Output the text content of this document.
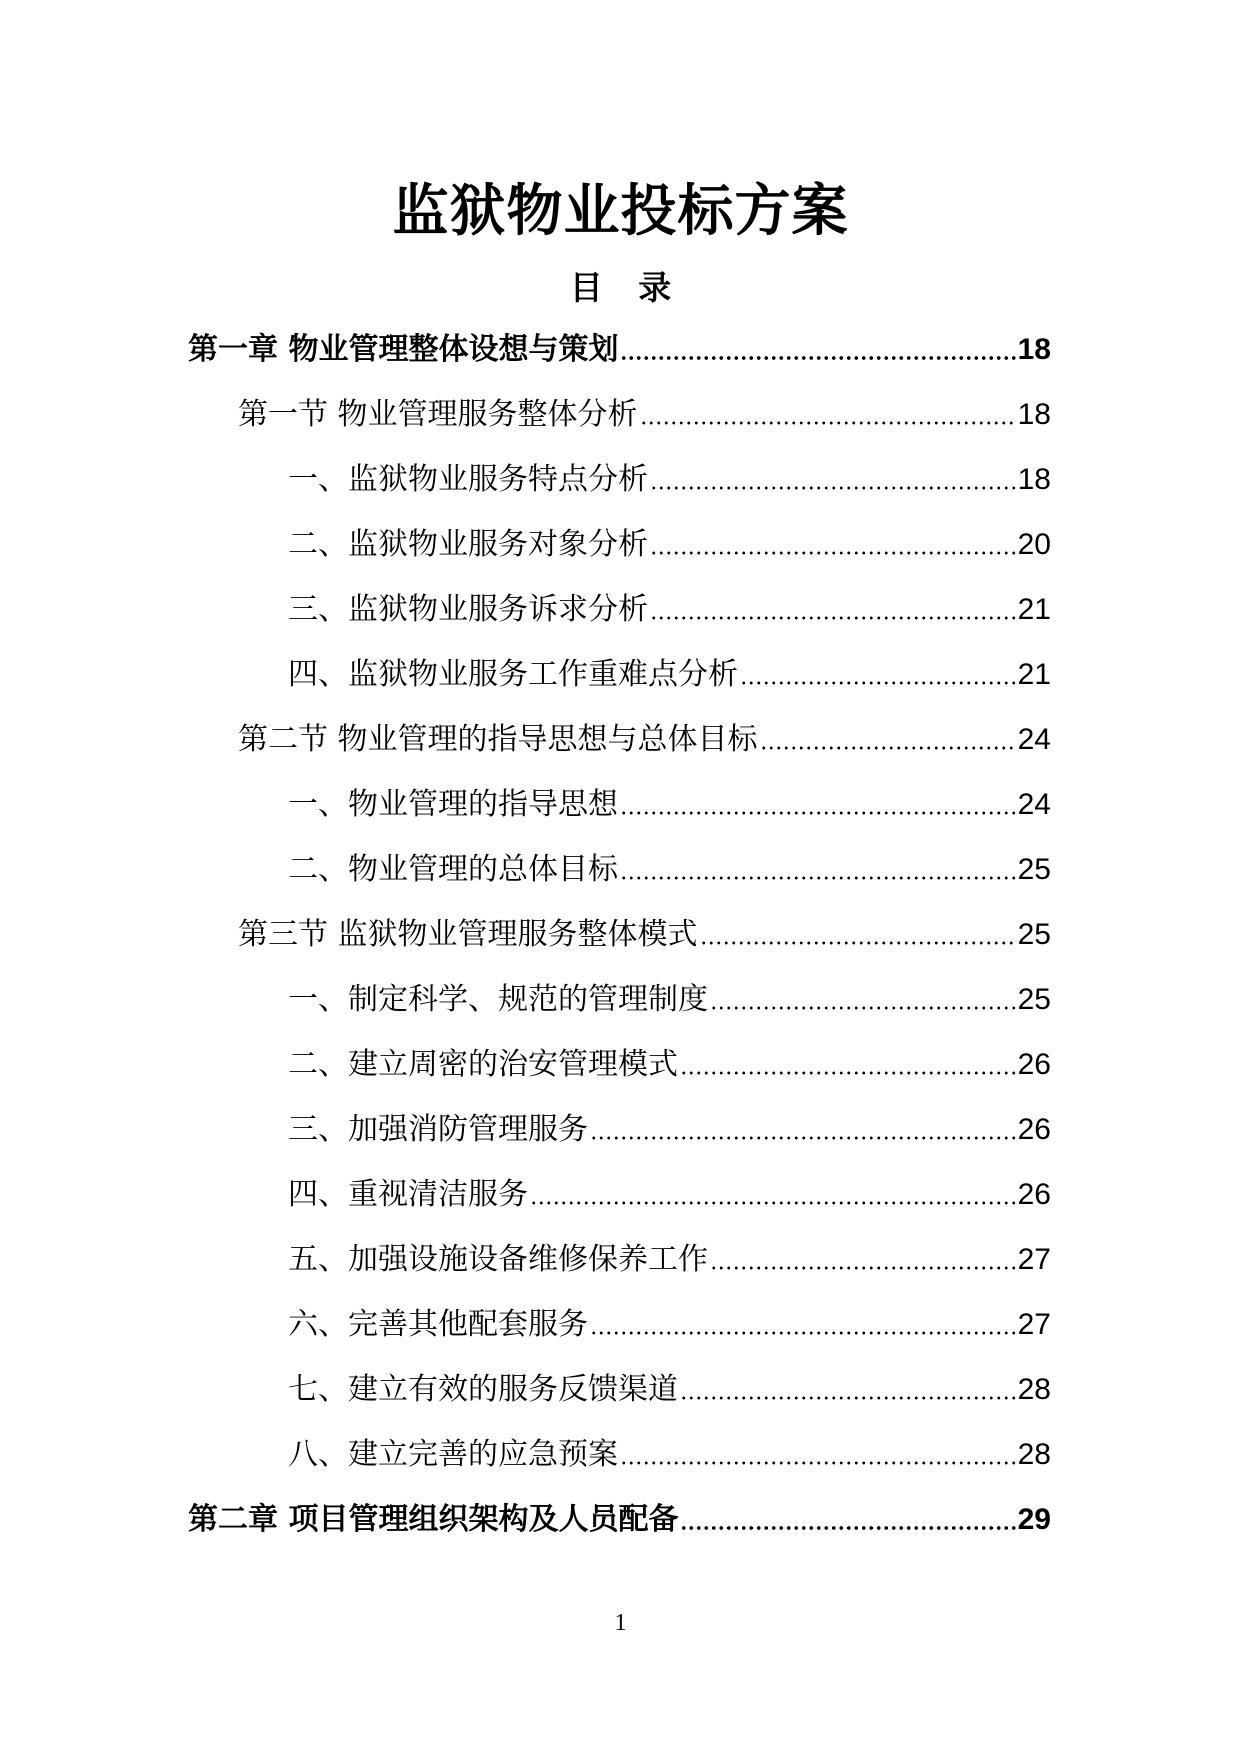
监狱物业投标方案
目 录
第一章 物业管理整体设想与策划	18
第一节 物业管理服务整体分析	18
一、监狱物业服务特点分析	18
二、监狱物业服务对象分析	20
三、监狱物业服务诉求分析	21
四、监狱物业服务工作重难点分析	21
第二节 物业管理的指导思想与总体目标	24
一、物业管理的指导思想	24
二、物业管理的总体目标	25
第三节 监狱物业管理服务整体模式	25
一、制定科学、规范的管理制度	25
二、建立周密的治安管理模式	26
三、加强消防管理服务	26
四、重视清洁服务	26
五、加强设施设备维修保养工作	27
六、完善其他配套服务	27
七、建立有效的服务反馈渠道	28
八、建立完善的应急预案	28
第二章 项目管理组织架构及人员配备	29
1
